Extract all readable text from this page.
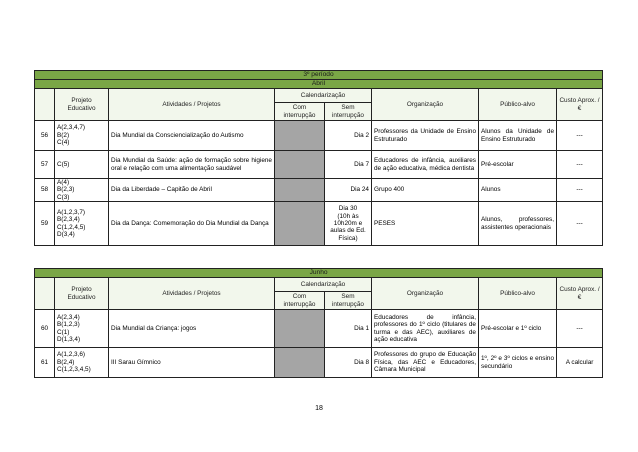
3º período							
Abril							
	Projeto Educativo	Atividades / Projetos	Calendarização		Organização	Público-alvo	Custo Aprox. /€
			Com interrupção	Sem interrupção			
56	A(2,3,4,7)
B(2)
C(4)	Dia Mundial da Consciencialização do Autismo		Dia 2	Professores da Unidade de Ensino Estruturado	Alunos da Unidade de Ensino Estruturado	---
57	C(5)	Dia Mundial da Saúde: ação de formação sobre higiene oral e relação com uma alimentação saudável		Dia 7	Educadores de infância, auxiliares de ação educativa, médica dentista	Pré-escolar	---
58	A(4)
B(2,3)
C(3)	Dia da Liberdade – Capitão de Abril		Dia 24	Grupo 400	Alunos	---
59	A(1,2,3,7)
B(2,3,4)
C(1,2,4,5)
D(3,4)	Dia da Dança: Comemoração do Dia Mundial da Dança		Dia 30
(10h às 10h20m e aulas de Ed. Física)	PESES	Alunos, professores, assistentes operacionais	---
Junho							
	Projeto Educativo	Atividades / Projetos	Calendarização		Organização	Público-alvo	Custo Aprox. /€
			Com interrupção	Sem interrupção			
60	A(2,3,4)
B(1,2,3)
C(1)
D(1,3,4)	Dia Mundial da Criança: jogos		Dia 1	Educadores de infância, professores do 1º ciclo (titulares de turma e das AEC), auxiliares de ação educativa	Pré-escolar e 1º ciclo	---
61	A(1,2,3,6)
B(2,4)
C(1,2,3,4,5)	III Sarau Gímnico		Dia 8	Professores do grupo de Educação Física, das AEC e Educadores, Câmara Municipal	1º, 2º e 3º ciclos e ensino secundário	A calcular
18
